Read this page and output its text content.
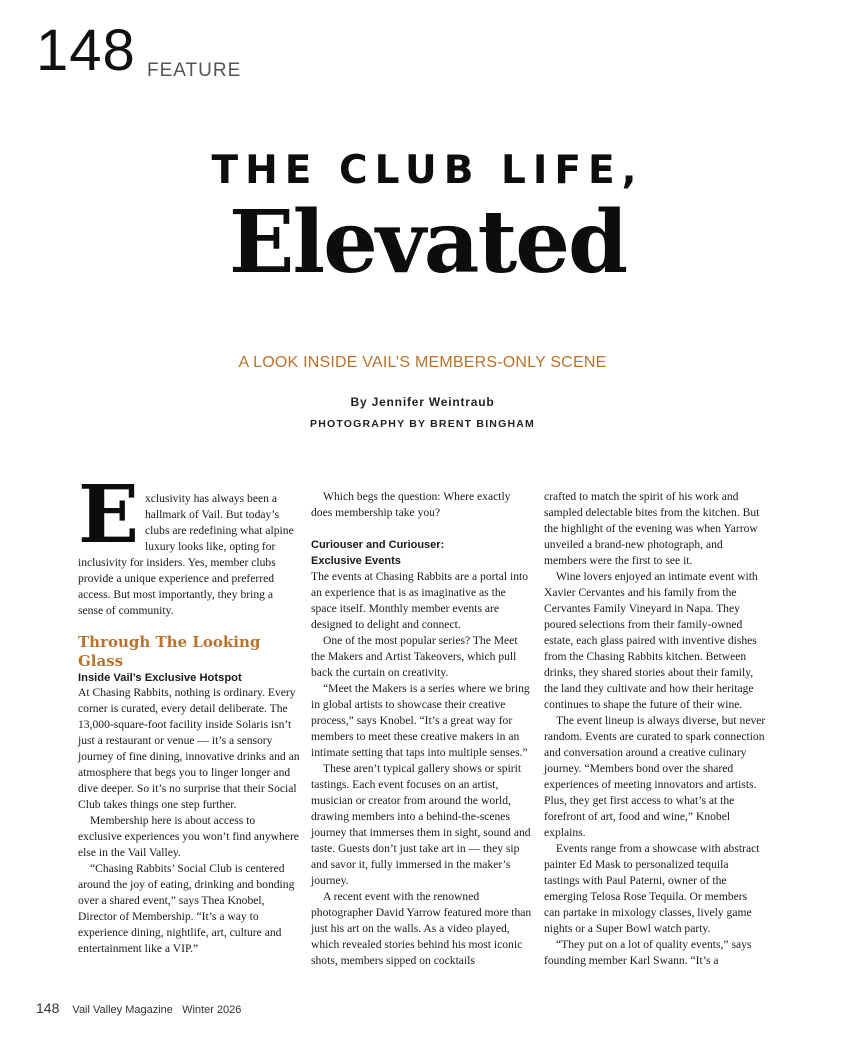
148 FEATURE
THE CLUB LIFE,
Elevated
A LOOK INSIDE VAIL’S MEMBERS-ONLY SCENE
By Jennifer Weintraub
PHOTOGRAPHY BY BRENT BINGHAM
E xclusivity has always been a hallmark of Vail. But today’s clubs are redefining what alpine luxury looks like, opting for inclusivity for insiders. Yes, member clubs provide a unique experience and preferred access. But most importantly, they bring a sense of community.

Through The Looking Glass

Inside Vail’s Exclusive Hotspot

At Chasing Rabbits, nothing is ordinary. Every corner is curated, every detail deliberate. The 13,000-square-foot facility inside Solaris isn’t just a restaurant or venue — it’s a sensory journey of fine dining, innovative drinks and an atmosphere that begs you to linger longer and dive deeper. So it’s no surprise that their Social Club takes things one step further.

Membership here is about access to exclusive experiences you won’t find anywhere else in the Vail Valley.

“Chasing Rabbits’ Social Club is centered around the joy of eating, drinking and bonding over a shared event,” says Thea Knobel, Director of Membership. “It’s a way to experience dining, nightlife, art, culture and entertainment like a VIP.”

Which begs the question: Where exactly does membership take you?

Curiouser and Curiouser:

Exclusive Events

The events at Chasing Rabbits are a portal into an experience that is as imaginative as the space itself. Monthly member events are designed to delight and connect.

One of the most popular series? The Meet the Makers and Artist Takeovers, which pull back the curtain on creativity.

“Meet the Makers is a series where we bring in global artists to showcase their creative process,” says Knobel. “It’s a great way for members to meet these creative makers in an intimate setting that taps into multiple senses.”

These aren’t typical gallery shows or spirit tastings. Each event focuses on an artist, musician or creator from around the world, drawing members into a behind-the-scenes journey that immerses them in sight, sound and taste. Guests don’t just take art in — they sip and savor it, fully immersed in the maker’s journey.

A recent event with the renowned photographer David Yarrow featured more than just his art on the walls. As a video played, which revealed stories behind his most iconic shots, members sipped on cocktails

crafted to match the spirit of his work and sampled delectable bites from the kitchen. But the highlight of the evening was when Yarrow unveiled a brand-new photograph, and members were the first to see it.

Wine lovers enjoyed an intimate event with Xavier Cervantes and his family from the Cervantes Family Vineyard in Napa. They poured selections from their family-owned estate, each glass paired with inventive dishes from the Chasing Rabbits kitchen. Between drinks, they shared stories about their family, the land they cultivate and how their heritage continues to shape the future of their wine.

The event lineup is always diverse, but never random. Events are curated to spark connection and conversation around a creative culinary journey. “Members bond over the shared experiences of meeting innovators and artists. Plus, they get first access to what’s at the forefront of art, food and wine,” Knobel explains.

Events range from a showcase with abstract painter Ed Mask to personalized tequila tastings with Paul Paterni, owner of the emerging Telosa Rose Tequila. Or members can partake in mixology classes, lively game nights or a Super Bowl watch party.

“They put on a lot of quality events,” says founding member Karl Swann. “It’s a

148 Vail Valley Magazine Winter 2026
